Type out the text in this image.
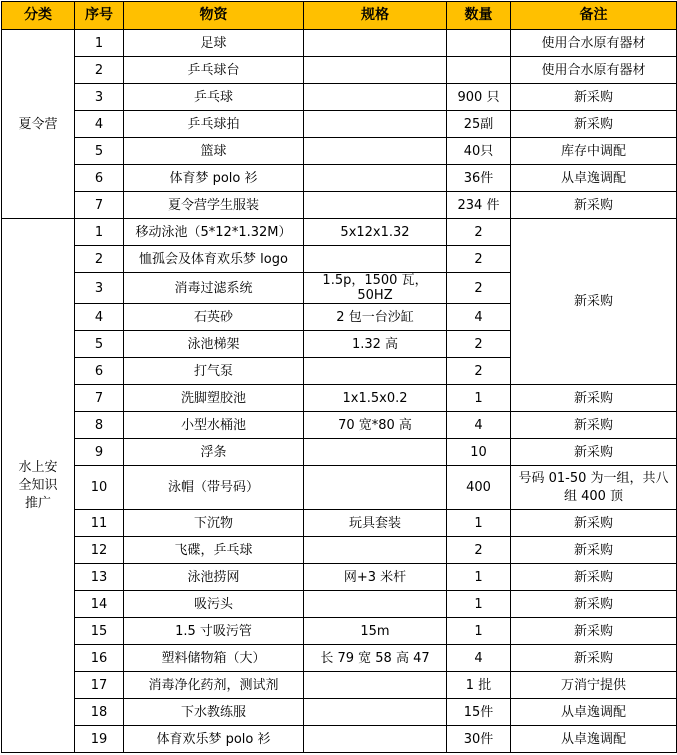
分类	序号	物资	规格	数量	备注
夏令营	1	足球			使用合水原有器材
	2	乒乓球台			使用合水原有器材
	3	乒乓球		900 只	新采购
	4	乒乓球拍		25副	新采购
	5	篮球		40只	库存中调配
	6	体育梦 polo 衫		36件	从卓逸调配
	7	夏令营学生服装		234 件	新采购
水上安全知识推广	1	移动泳池（5*12*1.32M）	5x12x1.32	2	新采购
	2	恤孤会及体育欢乐梦 logo		2	
	3	消毒过滤系统	1.5p，1500 瓦，50HZ	2	
	4	石英砂	2 包一台沙缸	4	
	5	泳池梯架	1.32 高	2	
	6	打气泵		2	
	7	洗脚塑胶池	1x1.5x0.2	1	新采购
	8	小型水桶池	70 宽*80 高	4	新采购
	9	浮条		10	新采购
	10	泳帽（带号码）		400	号码 01-50 为一组，共八组 400 顶
	11	下沉物	玩具套装	1	新采购
	12	飞碟，乒乓球		2	新采购
	13	泳池捞网	网+3 米杆	1	新采购
	14	吸污头		1	新采购
	15	1.5 寸吸污管	15m	1	新采购
	16	塑料储物箱（大）	长 79 宽 58 高 47	4	新采购
	17	消毒净化药剂，测试剂		1 批	万消宁提供
	18	下水教练服		15件	从卓逸调配
	19	体育欢乐梦 polo 衫		30件	从卓逸调配
